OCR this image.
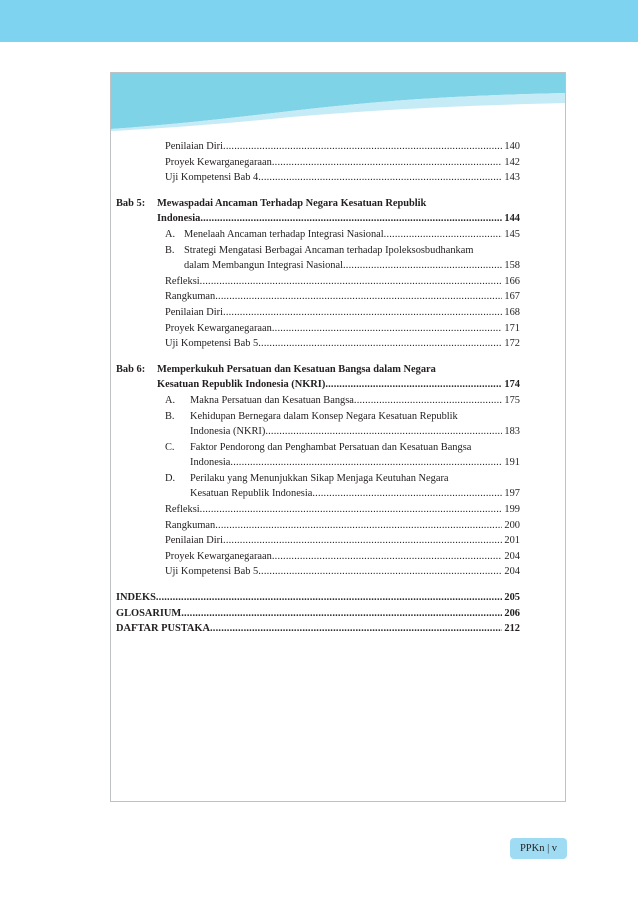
Penilaian Diri .....	140
Proyek Kewarganegaraan .....	142
Uji Kompetensi Bab 4 .....	143
Bab 5:	Mewaspadai Ancaman Terhadap Negara Kesatuan Republik
Indonesia .....	144
A. Menelaah Ancaman terhadap Integrasi Nasional .....	145
B. Strategi Mengatasi Berbagai Ancaman terhadap Ipoleksosbudhankam
dalam Membangun Integrasi Nasional .....	158
Refleksi .....	166
Rangkuman .....	167
Penilaian Diri .....	168
Proyek Kewarganegaraan .....	171
Uji Kompetensi Bab 5 .....	172
Bab 6:	Memperkukuh Persatuan dan Kesatuan Bangsa dalam Negara
Kesatuan Republik Indonesia (NKRI) .....	174
A.	Makna Persatuan dan Kesatuan Bangsa .....	175
B.	Kehidupan Bernegara dalam Konsep Negara Kesatuan Republik
Indonesia (NKRI) .....	183
C.	Faktor Pendorong dan Penghambat Persatuan dan Kesatuan Bangsa
Indonesia .....	191
D.	Perilaku yang Menunjukkan Sikap Menjaga Keutuhan Negara
Kesatuan Republik Indonesia .....	197
Refleksi .....	199
Rangkuman .....	200
Penilaian Diri .....	201
Proyek Kewarganegaraan .....	204
Uji Kompetensi Bab 5 .....	204
INDEKS .....	205
GLOSARIUM .....	206
DAFTAR PUSTAKA .....	212
PPKn | v
